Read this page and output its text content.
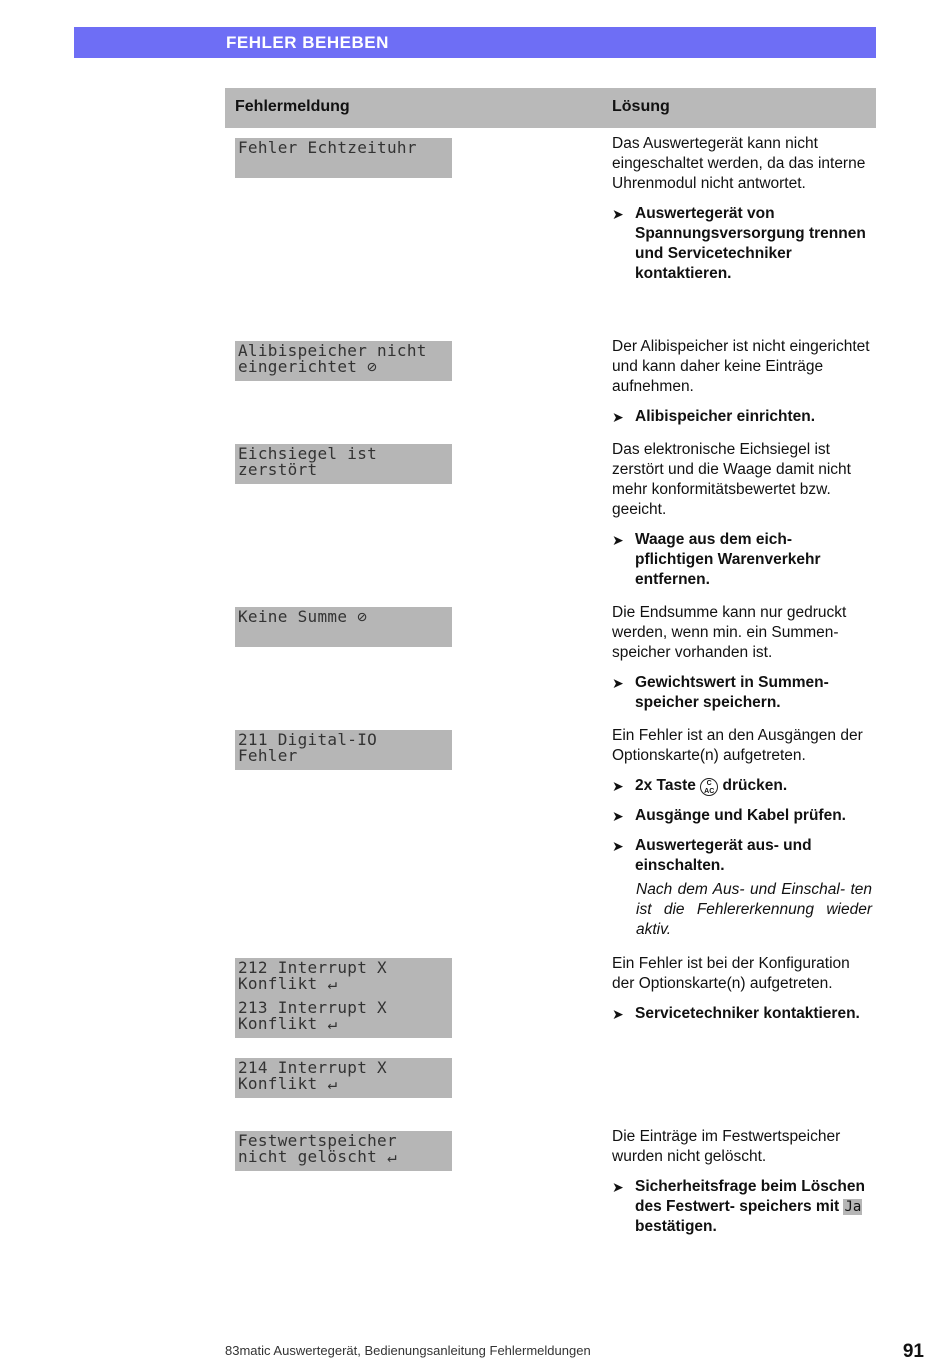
FEHLER BEHEBEN
Fehlermeldung	Lösung
Fehler Echtzeituhr
Alibispeicher nicht
eingerichtet ⊘
Eichsiegel ist
zerstört
Keine Summe ⊘
211 Digital-IO
Fehler
212 Interrupt X
Konflikt ↵
213 Interrupt X
Konflikt ↵
214 Interrupt X
Konflikt ↵
Festwertspeicher
nicht gelöscht ↵

Das Auswertegerät kann nicht eingeschaltet werden, da das interne Uhrenmodul nicht antwortet.

➤ Auswertegerät von Spannungsversorgung trennen und Servicetechniker kontaktieren.

Der Alibispeicher ist nicht eingerichtet und kann daher keine Einträge aufnehmen.

➤ Alibispeicher einrichten.

Das elektronische Eichsiegel ist zerstört und die Waage damit nicht mehr konformitätsbewertet bzw. geeicht.

➤ Waage aus dem eich- pflichtigen Warenverkehr entfernen.

Die Endsumme kann nur gedruckt werden, wenn min. ein Summen- speicher vorhanden ist.

➤ Gewichtswert in Summen- speicher speichern.

Ein Fehler ist an den Ausgängen der Optionskarte(n) aufgetreten.

➤ 2x Taste C
AC drücken.
➤ Ausgänge und Kabel prüfen.
➤ Auswertegerät aus- und einschalten.
Nach dem Aus- und Einschal- ten ist die Fehlererkennung wieder aktiv.

Ein Fehler ist bei der Konfiguration der Optionskarte(n) aufgetreten.

➤ Servicetechniker kontaktieren.

Die Einträge im Festwertspeicher wurden nicht gelöscht.

➤ Sicherheitsfrage beim Löschen des Festwert- speichers mit Ja bestätigen.
83matic Auswertegerät, Bedienungsanleitung Fehlermeldungen	91
